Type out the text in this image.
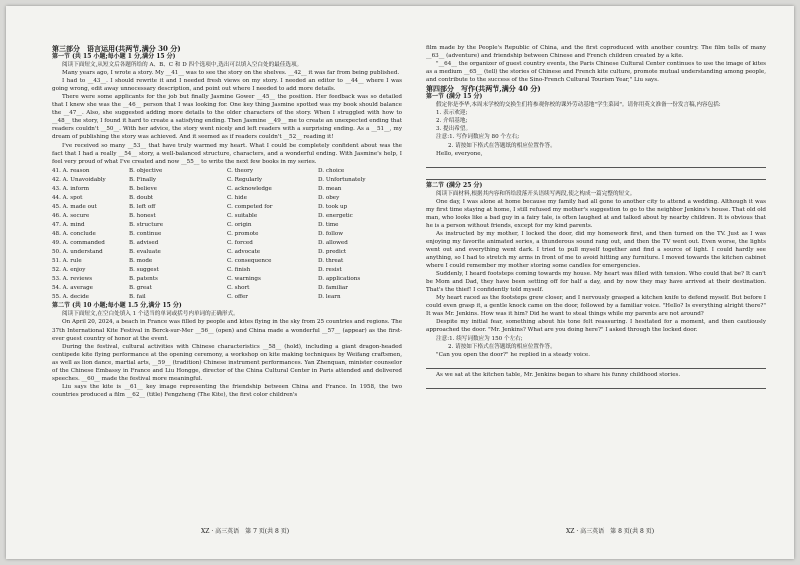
第三部分　语言运用(共两节,满分 30 分)

第一节 (共 15 小题;每小题 1 分,满分 15 分)

阅读下面短文,从短文后各题所给的 A、B、C 和 D 四个选项中,选出可以填入空白处的最佳选项。

Many years ago, I wrote a story. My __41__ was to see the story on the shelves. __42__ it was far from being published.

I had to __43__. I should rewrite it and I needed fresh views on my story. I needed an editor to __44__ where I was going wrong, edit away unnecessary description, and point out where I needed to add more details.

There were some applicants for the job but finally Jasmine Gower __45__ the position. Her feedback was so detailed that I knew she was the __46__ person that I was looking for. One key thing Jasmine spotted was my book should balance the __47__. Also, she suggested adding more details to the older characters of the story. When I struggled with how to __48__ the story, I found it hard to create a satisfying ending. Then Jasmine __49__ me to create an unexpected ending that readers couldn't __50__. With her advice, the story went nicely and left readers with a surprising ending. As a __51__, my dream of publishing the story was achieved. And it seemed as if readers couldn't __52__ reading it!

I've received so many __53__ that have truly warmed my heart. What I could be completely confident about was the fact that I had a really __54__ story, a well-balanced structure, characters, and a wonderful ending. With Jasmine's help, I feel very proud of what I've created and now __55__ to write the next few books in my series.

41. A. reason	B. objective	C. theory	D. choice
42. A. Unavoidably	B. Finally	C. Regularly	D. Unfortunately
43. A. inform	B. believe	C. acknowledge	D. mean
44. A. spot	B. doubt	C. hide	D. obey
45. A. made out	B. left off	C. competed for	D. took up
46. A. secure	B. honest	C. suitable	D. energetic
47. A. mind	B. structure	C. origin	D. time
48. A. conclude	B. continue	C. promote	D. follow
49. A. commanded	B. advised	C. forced	D. allowed
50. A. understand	B. evaluate	C. advocate	D. predict
51. A. rule	B. mode	C. consequence	D. threat
52. A. enjoy	B. suggest	C. finish	D. resist
53. A. reviews	B. patents	C. warnings	D. applications
54. A. average	B. great	C. short	D. familiar
55. A. decide	B. fail	C. offer	D. learn

第二节 (共 10 小题;每小题 1.5 分,满分 15 分)

阅读下面短文,在空白处填入 1 个适当的单词或括号内单词的正确形式。

On April 20, 2024, a beach in France was filled by people and kites flying in the sky from 25 countries and regions. The 37th International Kite Festival in Berck-sur-Mer __56__ (open) and China made a wonderful __57__ (appear) as the first-ever guest country of honor at the event.

During the festival, cultural activities with Chinese characteristics __58__ (hold), including a giant dragon-headed centipede kite flying performance at the opening ceremony, a workshop on kite making techniques by Weifang craftsmen, as well as lion dance, martial arts, __59__ (tradition) Chinese instrument performances. Yan Zhenquan, minister counselor of the Chinese Embassy in France and Liu Hongge, director of the China Cultural Center in Paris attended and delivered speeches. __60__ made the festival more meaningful.

Liu says the kite is __61__ key image representing the friendship between China and France. In 1958, the two countries produced a film __62__ (title) Fengzheng (The Kite), the first color children's

film made by the People's Republic of China, and the first coproduced with another country. The film tells of many __63__ (adventure) and friendship between Chinese and French children created by a kite.

"__64__ the organizer of guest country events, the Paris Chinese Cultural Center continues to use the image of kites as a medium __65__ (tell) the stories of Chinese and French kite culture, promote mutual understanding among people, and contribute to the success of the Sino-French Cultural Tourism Year," Liu says.

第四部分　写作(共两节,满分 40 分)

第一节 (满分 15 分)

假定你是李华,本周末学校的交换生们将参观你校的课外劳动基地"学生菜园"。请你用英文准备一份发言稿,内容包括:

1. 表示欢迎;

2. 介绍基地;

3. 提出希望。

注意:1. 写作词数应为 80 个左右;

2. 请按如下格式在答题纸的相应位置作答。

Hello, everyone,

第二节 (满分 25 分)

阅读下面材料,根据其内容和所给段落开头语续写两段,使之构成一篇完整的短文。

One day, I was alone at home because my family had all gone to another city to attend a wedding. Although it was my first time staying at home, I still refused my mother's suggestion to go to the neighbor Jenkins's house. That old old man, who looks like a bad guy in a fairy tale, is often laughed at and talked about by nearby children. It is obvious that he is a person without friends, except for my kind parents.

As instructed by my mother, I locked the door, did my homework first, and then turned on the TV. Just as I was enjoying my favorite animated series, a thunderous sound rang out, and then the TV went out. Even worse, the lights went out and everything went dark. I tried to pull myself together and find a source of light. I could hardly see anything, so I had to stretch my arms in front of me to avoid hitting any furniture. I moved towards the kitchen cabinet where I could remember my mother storing some candles for emergencies.

Suddenly, I heard footsteps coming towards my house. My heart was filled with tension. Who could that be? It can't be Mom and Dad, they have been setting off for half a day, and by now they may have arrived at their destination. That's the thief! I confidently told myself.

My heart raced as the footsteps grew closer, and I nervously grasped a kitchen knife to defend myself. But before I could even grasp it, a gentle knock came on the door, followed by a familiar voice. "Hello? Is everything alright there?" It was Mr. Jenkins. How was it him? Did he want to steal things while my parents are not around?

Despite my initial fear, something about his tone felt reassuring. I hesitated for a moment, and then cautiously approached the door. "Mr. Jenkins? What are you doing here?" I asked through the locked door.

注意:1. 续写词数应为 150 个左右;

2. 请按如下格式在答题纸的相应位置作答。

"Can you open the door?" he replied in a steady voice.

As we sat at the kitchen table, Mr. Jenkins began to share his funny childhood stories.

XZ · 高三英语　第 7 页(共 8 页)	XZ · 高三英语　第 8 页(共 8 页)
